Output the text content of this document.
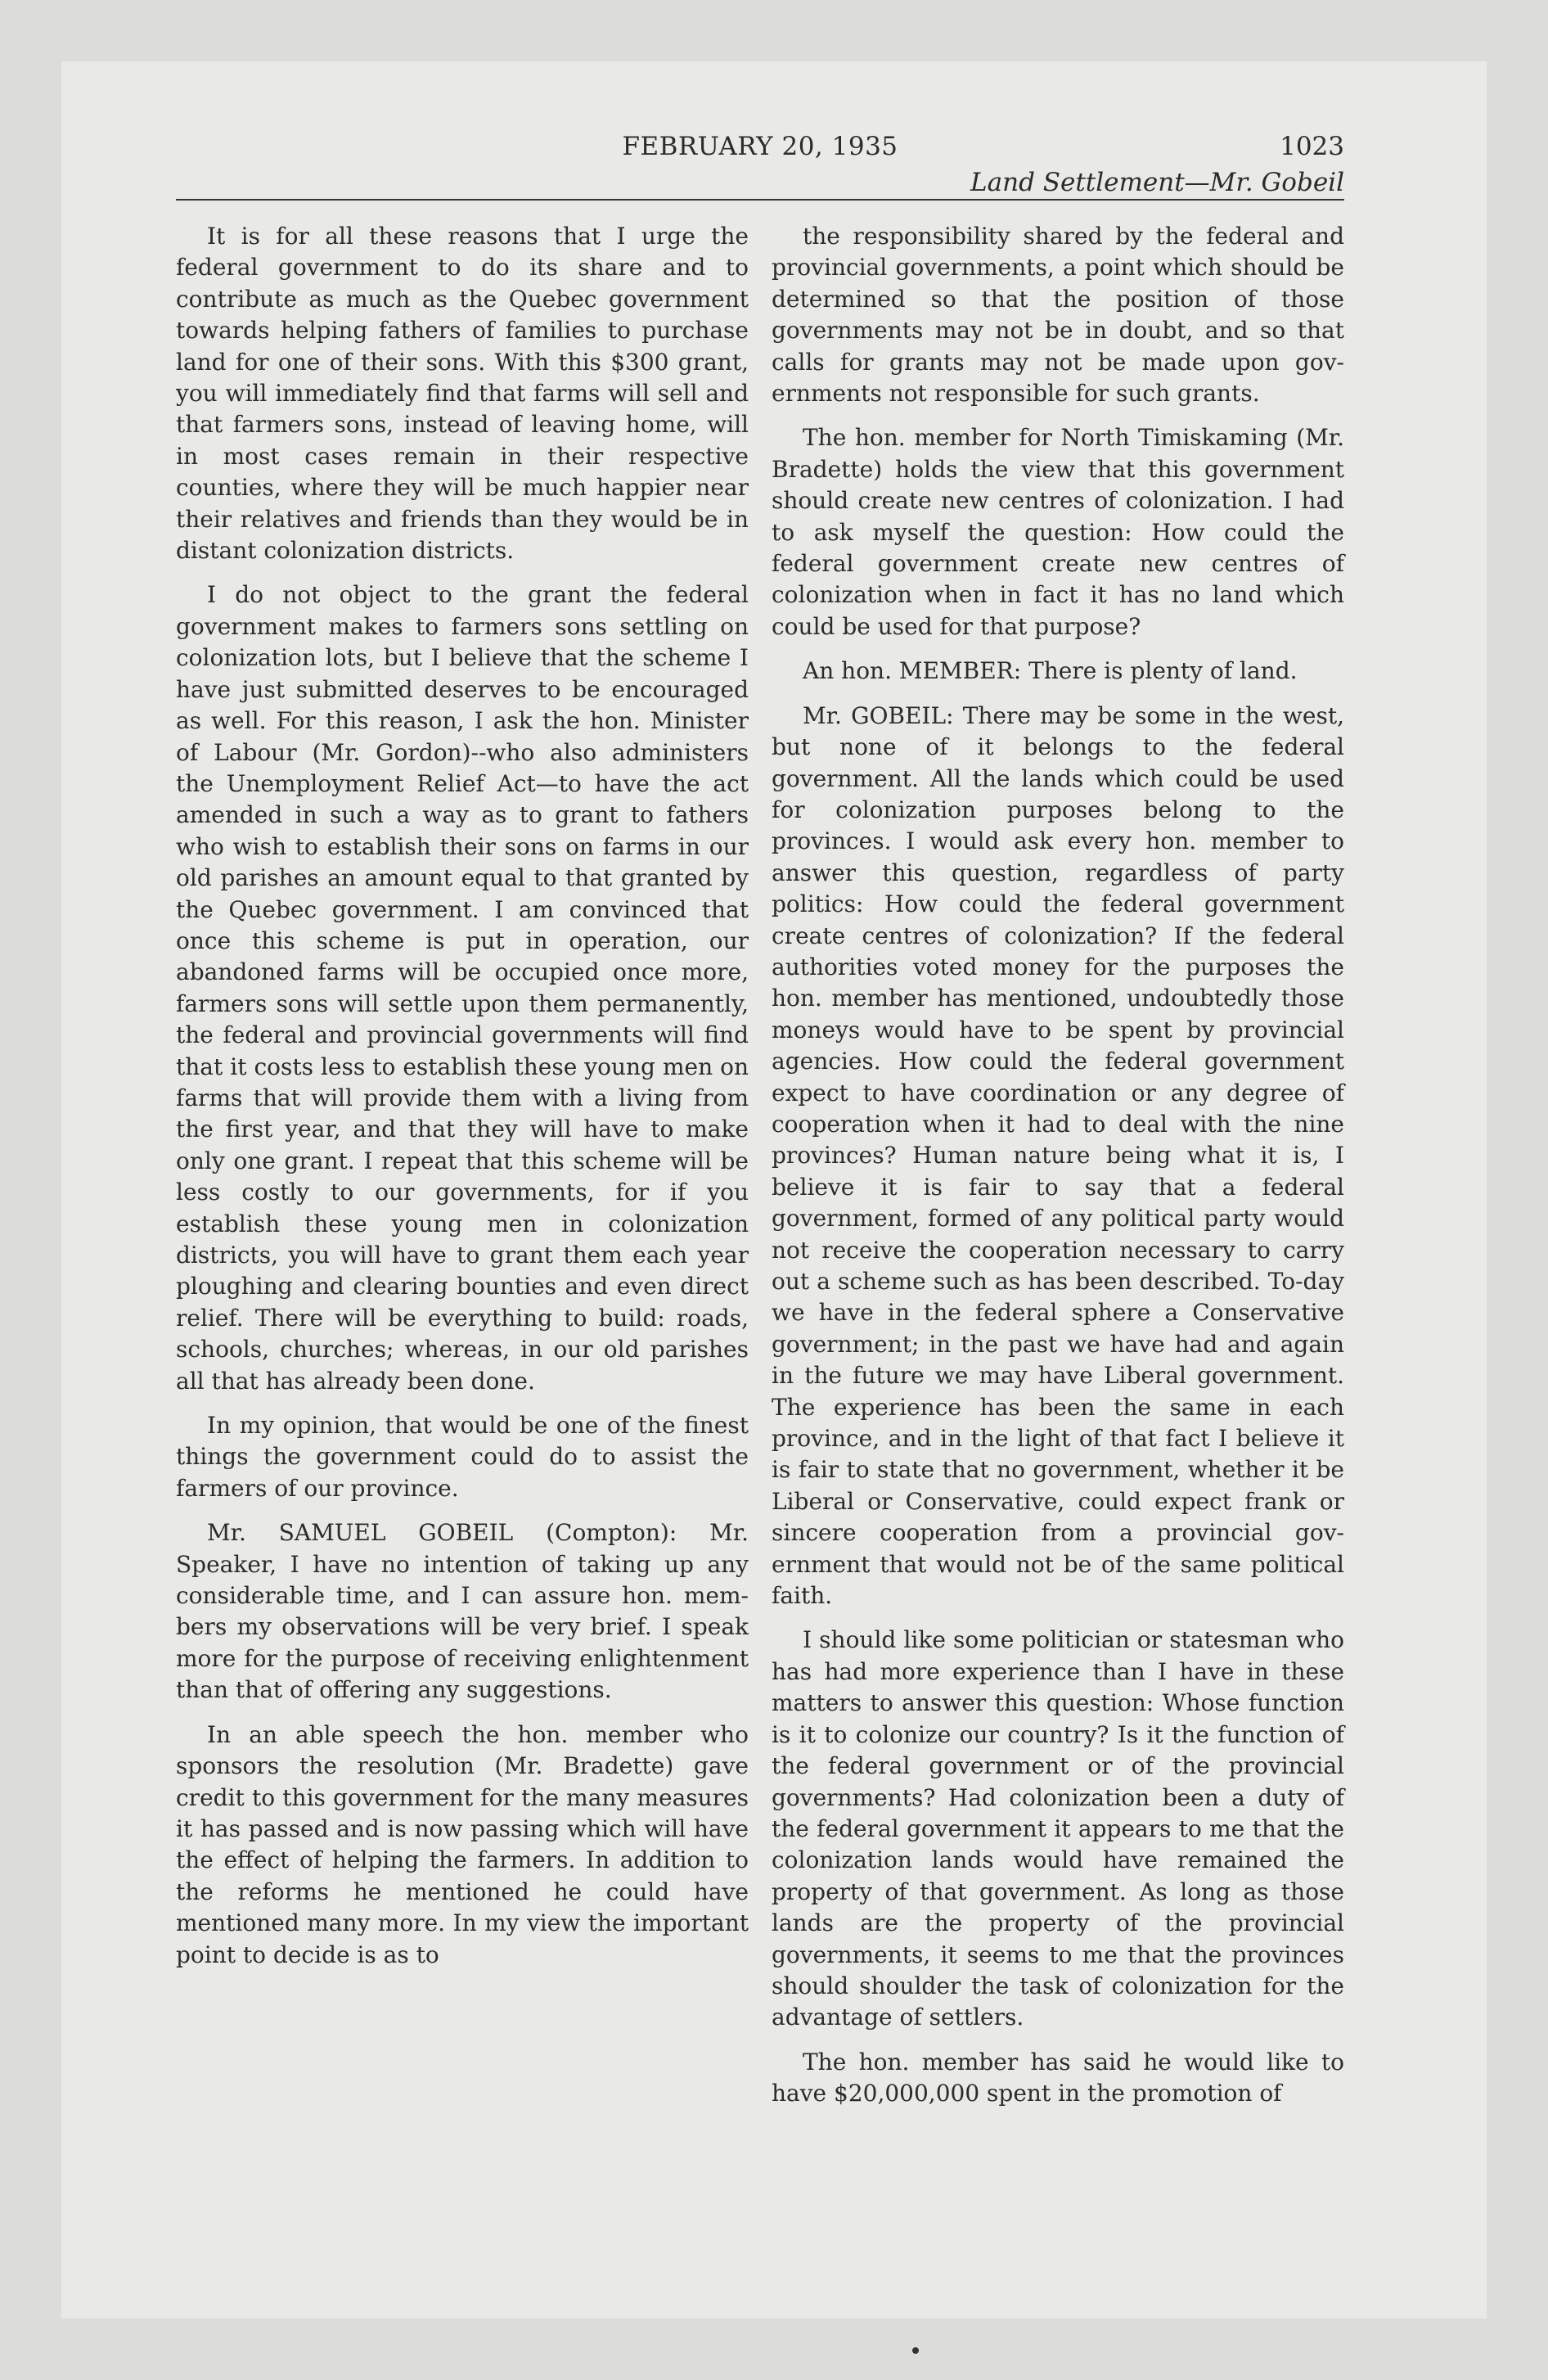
FEBRUARY 20, 1935	1023
Land Settlement—Mr. Gobeil

It is for all these reasons that I urge the federal government to do its share and to contribute as much as the Quebec government towards helping fathers of families to purchase land for one of their sons. With this $300 grant, you will immediately find that farms will sell and that farmers sons, instead of leaving home, will in most cases remain in their respective counties, where they will be much happier near their relatives and friends than they would be in distant colonization districts.

I do not object to the grant the federal government makes to farmers sons settling on colonization lots, but I believe that the scheme I have just submitted deserves to be encouraged as well. For this reason, I ask the hon. Minister of Labour (Mr. Gordon)--who also administers the Unemployment Relief Act—to have the act amended in such a way as to grant to fathers who wish to establish their sons on farms in our old parishes an amount equal to that granted by the Quebec government. I am convinced that once this scheme is put in operation, our abandoned farms will be occupied once more, farmers sons will settle upon them permanently, the federal and provincial governments will find that it costs less to establish these young men on farms that will provide them with a living from the first year, and that they will have to make only one grant. I repeat that this scheme will be less costly to our governments, for if you establish these young men in colonization districts, you will have to grant them each year ploughing and clearing bounties and even direct relief. There will be everything to build: roads, schools, churches; whereas, in our old parishes all that has already been done.

In my opinion, that would be one of the finest things the government could do to assist the farmers of our province.

Mr. SAMUEL GOBEIL (Compton): Mr. Speaker, I have no intention of taking up any considerable time, and I can assure hon. members my observations will be very brief. I speak more for the purpose of receiving enlightenment than that of offering any suggestions.

In an able speech the hon. member who sponsors the resolution (Mr. Bradette) gave credit to this government for the many measures it has passed and is now passing which will have the effect of helping the farmers. In addition to the reforms he mentioned he could have mentioned many more. In my view the important point to decide is as to

the responsibility shared by the federal and provincial governments, a point which should be determined so that the position of those governments may not be in doubt, and so that calls for grants may not be made upon governments not responsible for such grants.

The hon. member for North Timiskaming (Mr. Bradette) holds the view that this government should create new centres of colonization. I had to ask myself the question: How could the federal government create new centres of colonization when in fact it has no land which could be used for that purpose?

An hon. MEMBER: There is plenty of land.

Mr. GOBEIL: There may be some in the west, but none of it belongs to the federal government. All the lands which could be used for colonization purposes belong to the provinces. I would ask every hon. member to answer this question, regardless of party politics: How could the federal government create centres of colonization? If the federal authorities voted money for the purposes the hon. member has mentioned, undoubtedly those moneys would have to be spent by provincial agencies. How could the federal government expect to have coordination or any degree of cooperation when it had to deal with the nine provinces? Human nature being what it is, I believe it is fair to say that a federal government, formed of any political party would not receive the cooperation necessary to carry out a scheme such as has been described. To-day we have in the federal sphere a Conservative government; in the past we have had and again in the future we may have Liberal government. The experience has been the same in each province, and in the light of that fact I believe it is fair to state that no government, whether it be Liberal or Conservative, could expect frank or sincere cooperation from a provincial government that would not be of the same political faith.

I should like some politician or statesman who has had more experience than I have in these matters to answer this question: Whose function is it to colonize our country? Is it the function of the federal government or of the provincial governments? Had colonization been a duty of the federal government it appears to me that the colonization lands would have remained the property of that government. As long as those lands are the property of the provincial governments, it seems to me that the provinces should shoulder the task of colonization for the advantage of settlers.

The hon. member has said he would like to have $20,000,000 spent in the promotion of
